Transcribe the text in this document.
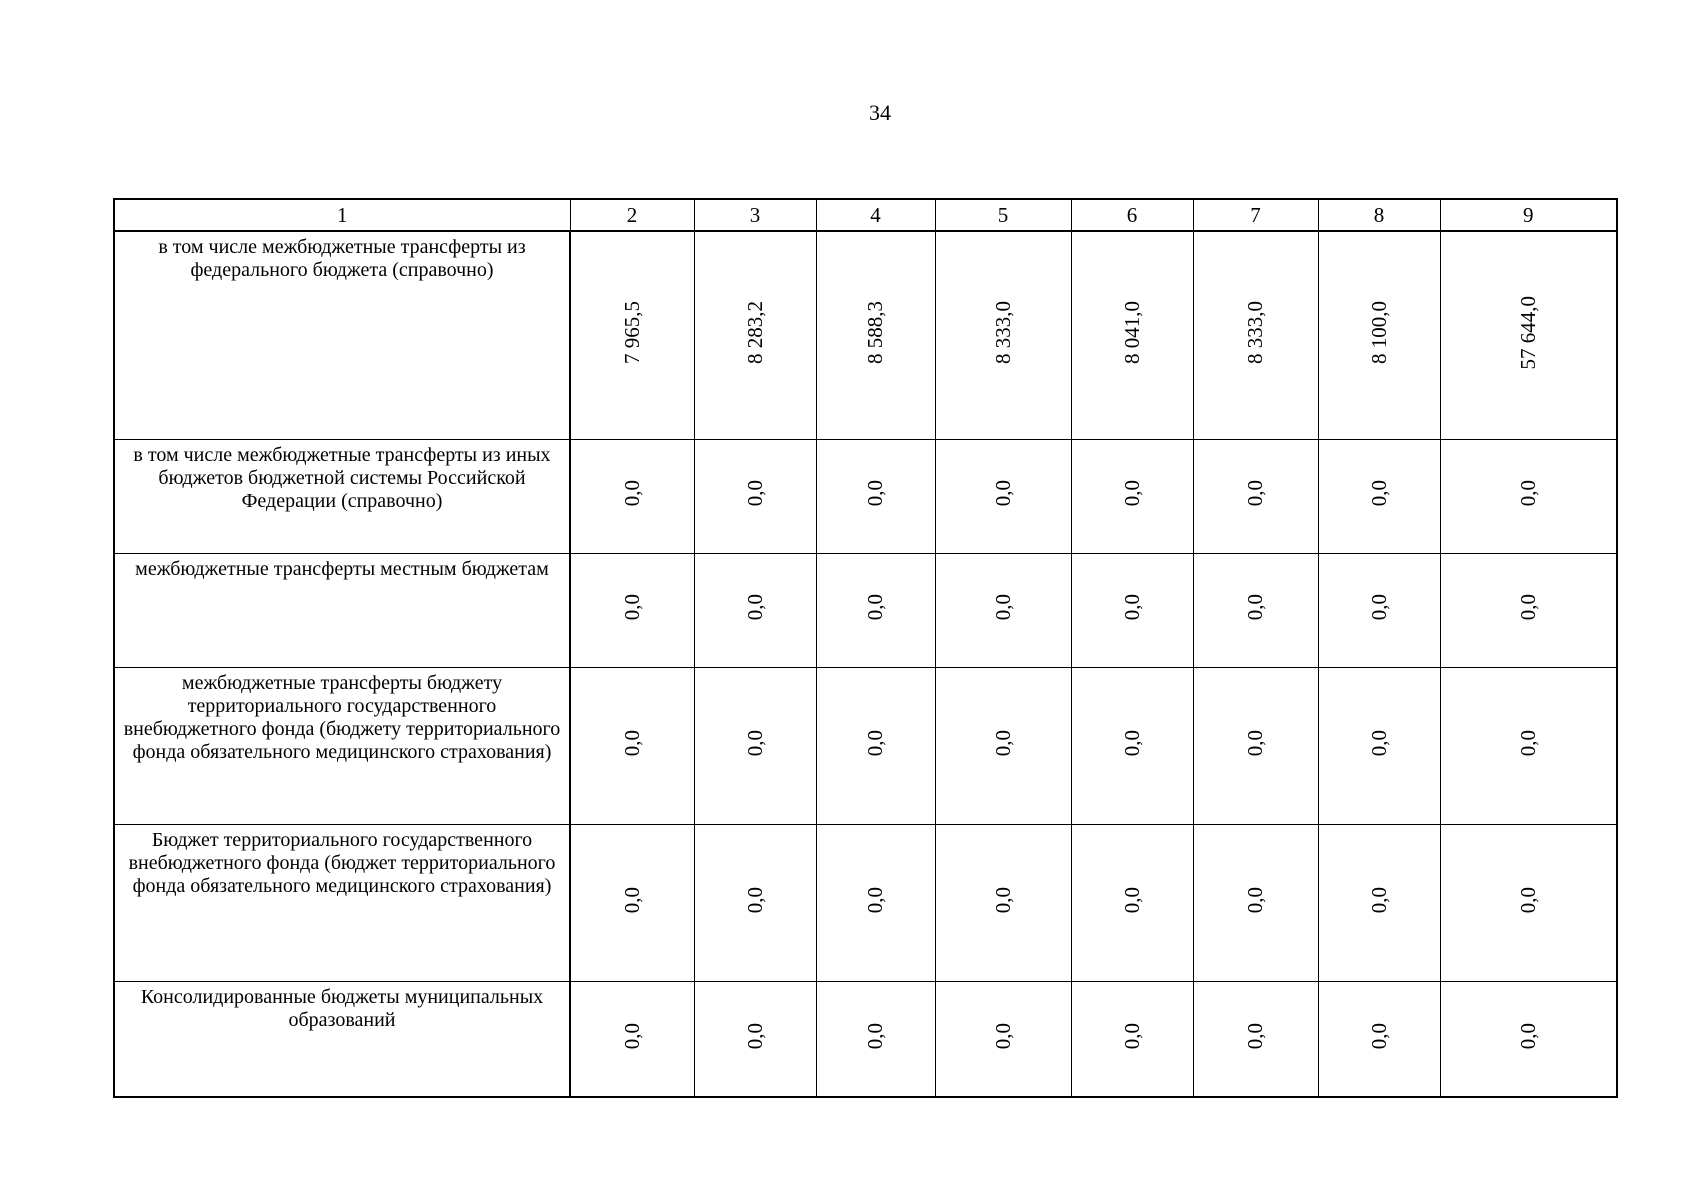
34
1	2	3	4	5	6	7	8	9
в том числе межбюджетные трансферты из федерального бюджета (справочно)	7 965,5	8 283,2	8 588,3	8 333,0	8 041,0	8 333,0	8 100,0	57 644,0
в том числе межбюджетные трансферты из иных бюджетов бюджетной системы Российской Федерации (справочно)	0,0	0,0	0,0	0,0	0,0	0,0	0,0	0,0
межбюджетные трансферты местным бюджетам	0,0	0,0	0,0	0,0	0,0	0,0	0,0	0,0
межбюджетные трансферты бюджету территориального государственного внебюджетного фонда (бюджету территориального фонда обязательного медицинского страхования)	0,0	0,0	0,0	0,0	0,0	0,0	0,0	0,0
Бюджет территориального государственного внебюджетного фонда (бюджет территориального фонда обязательного медицинского страхования)	0,0	0,0	0,0	0,0	0,0	0,0	0,0	0,0
Консолидированные бюджеты муниципальных образований	0,0	0,0	0,0	0,0	0,0	0,0	0,0	0,0
